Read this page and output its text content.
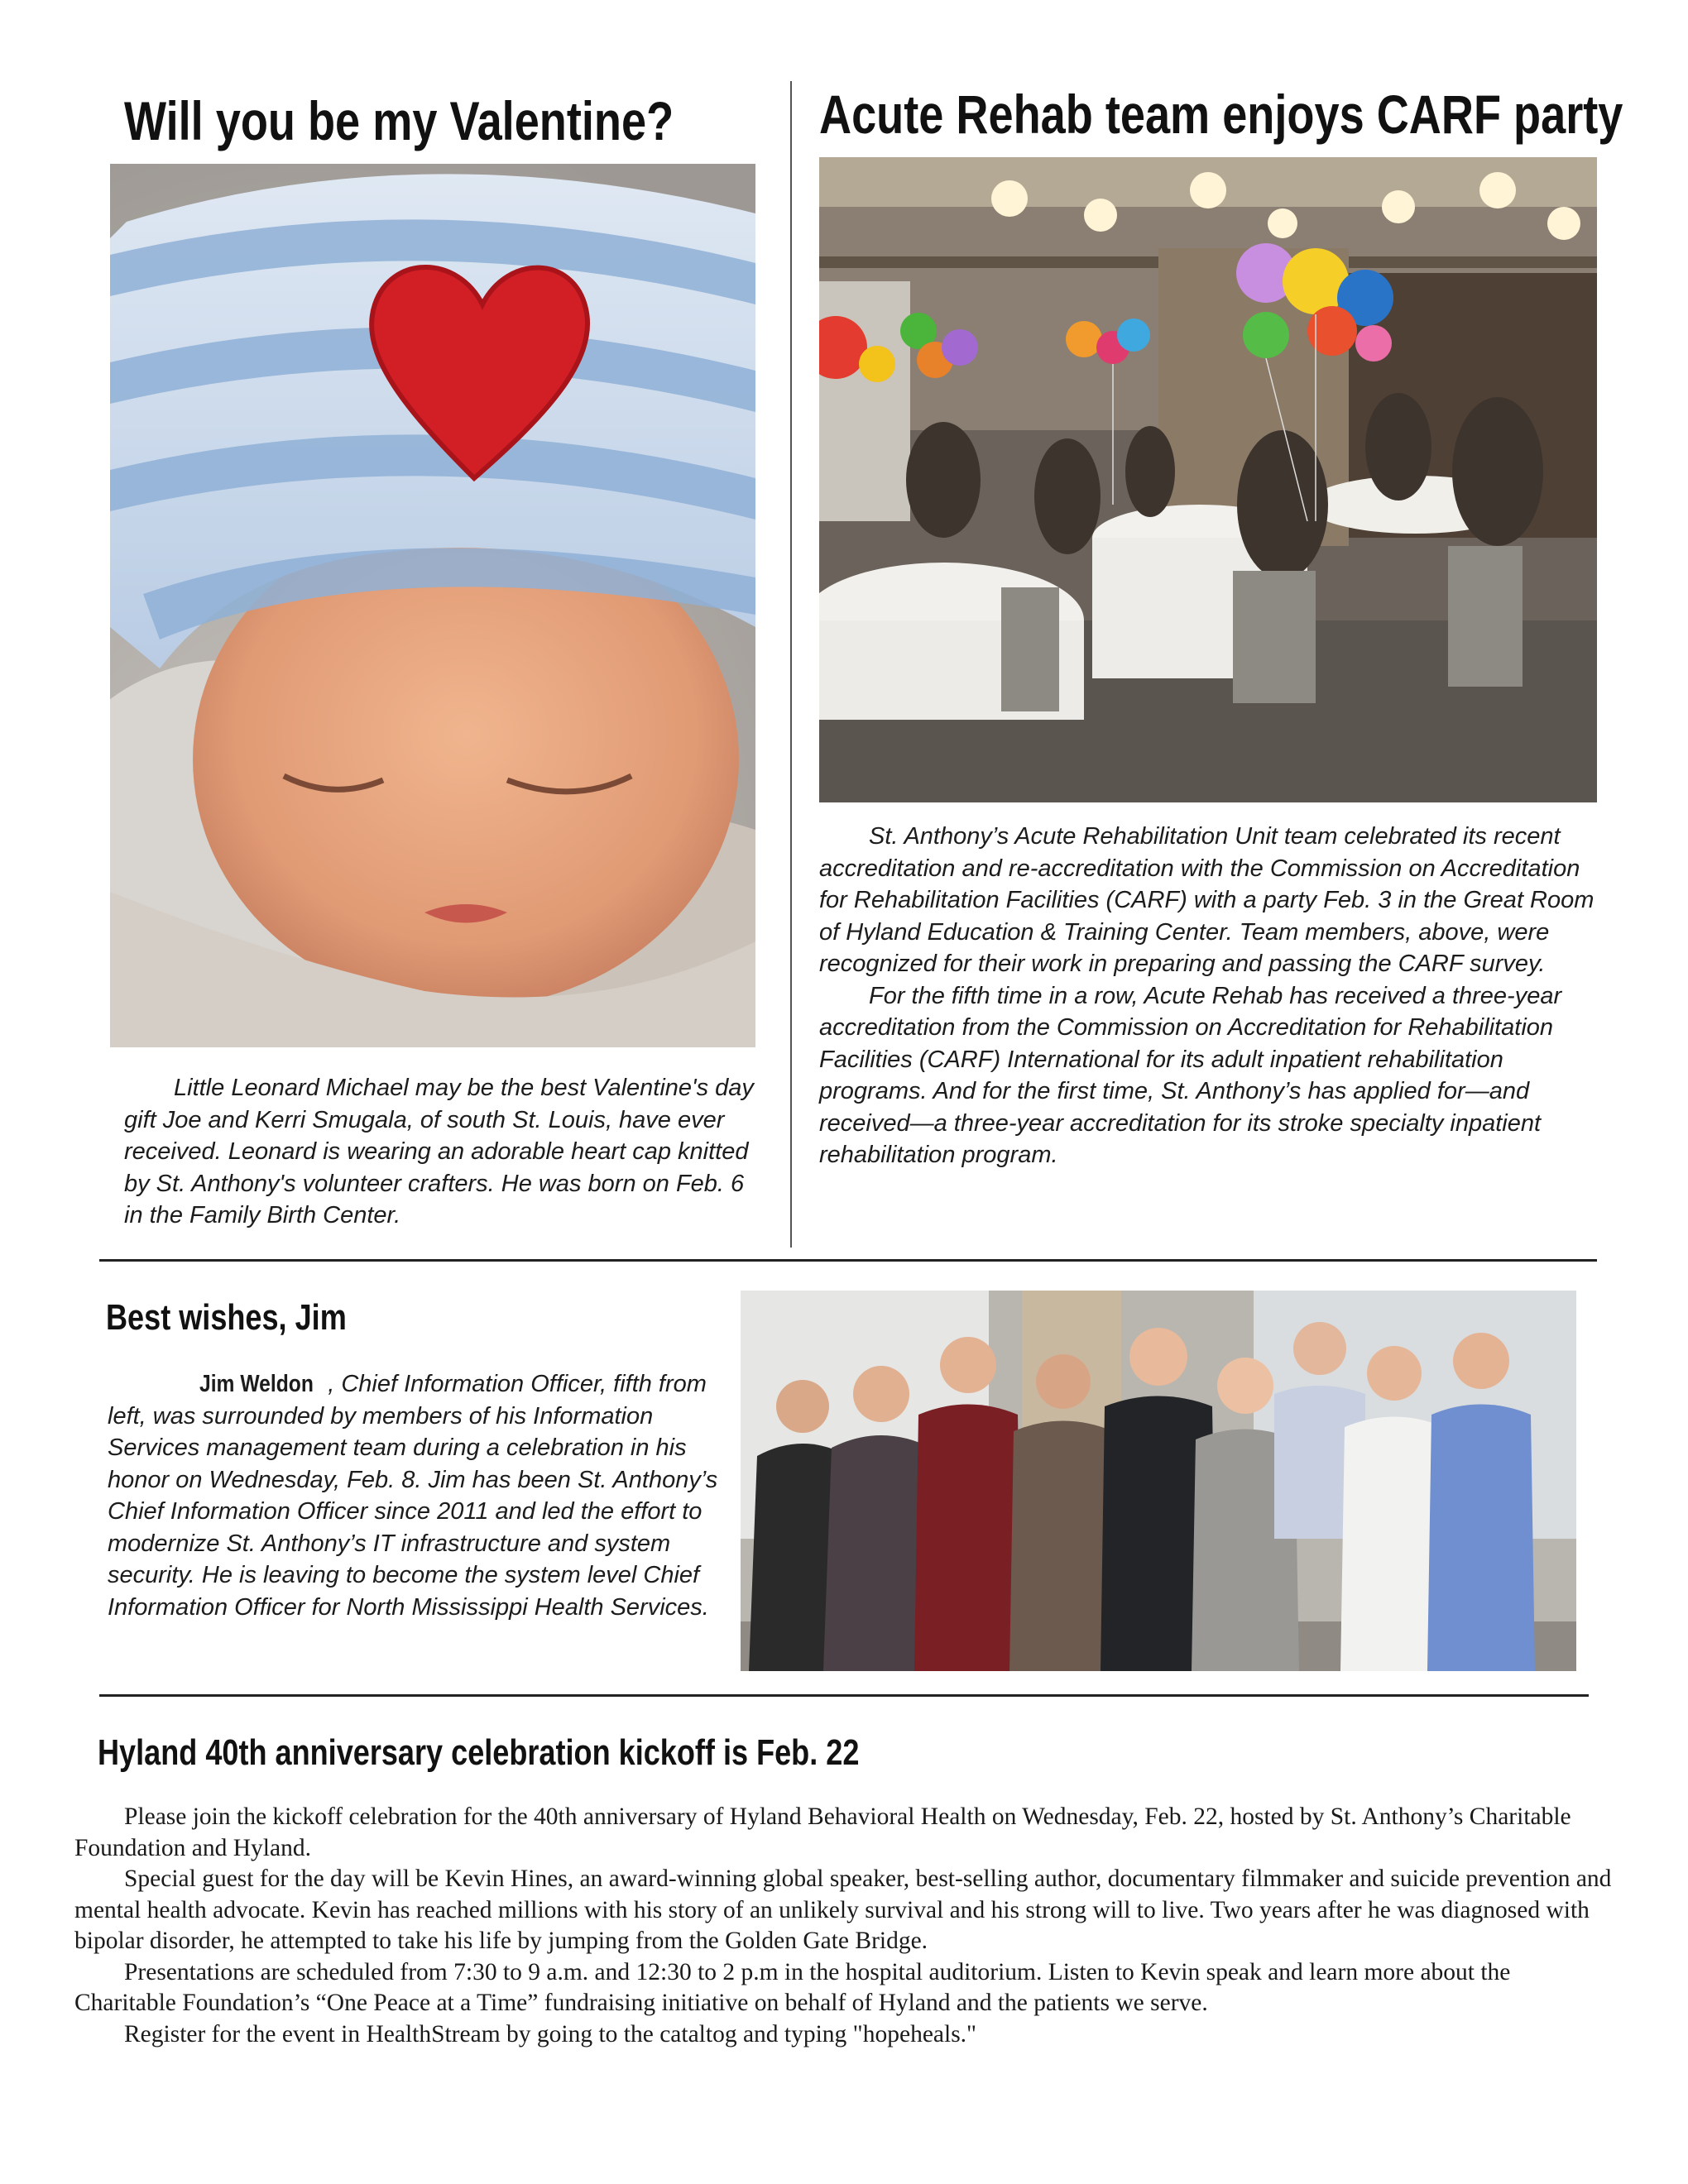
Will you be my Valentine?

Little Leonard Michael may be the best Valentine's day gift Joe and Kerri Smugala, of south St. Louis, have ever received. Leonard is wearing an adorable heart cap knitted by St. Anthony's volunteer crafters. He was born on Feb. 6 in the Family Birth Center.

Acute Rehab team enjoys CARF party

St. Anthony’s Acute Rehabilitation Unit team celebrated its recent accreditation and re-accreditation with the Commission on Accreditation for Rehabilitation Facilities (CARF) with a party Feb. 3 in the Great Room of Hyland Education & Training Center. Team members, above, were recognized for their work in preparing and passing the CARF survey.

For the fifth time in a row, Acute Rehab has received a three-year accreditation from the Commission on Accreditation for Rehabilitation Facilities (CARF) International for its adult inpatient rehabilitation programs. And for the first time, St. Anthony’s has applied for—and received—a three-year accreditation for its stroke specialty inpatient rehabilitation program.

Best wishes, Jim

Jim Weldon , Chief Information Officer, fifth from left, was surrounded by members of his Information Services management team during a celebration in his honor on Wednesday, Feb. 8. Jim has been St. Anthony’s Chief Information Officer since 2011 and led the effort to modernize St. Anthony’s IT infrastructure and system security. He is leaving to become the system level Chief Information Officer for North Mississippi Health Services.

Hyland 40th anniversary celebration kickoff is Feb. 22

Please join the kickoff celebration for the 40th anniversary of Hyland Behavioral Health on Wednesday, Feb. 22, hosted by St. Anthony’s Charitable Foundation and Hyland.

Special guest for the day will be Kevin Hines, an award-winning global speaker, best-selling author, documentary filmmaker and suicide prevention and mental health advocate. Kevin has reached millions with his story of an unlikely survival and his strong will to live. Two years after he was diagnosed with bipolar disorder, he attempted to take his life by jumping from the Golden Gate Bridge.

Presentations are scheduled from 7:30 to 9 a.m. and 12:30 to 2 p.m in the hospital auditorium. Listen to Kevin speak and learn more about the Charitable Foundation’s “One Peace at a Time” fundraising initiative on behalf of Hyland and the patients we serve.

Register for the event in HealthStream by going to the cataltog and typing "hopeheals."
